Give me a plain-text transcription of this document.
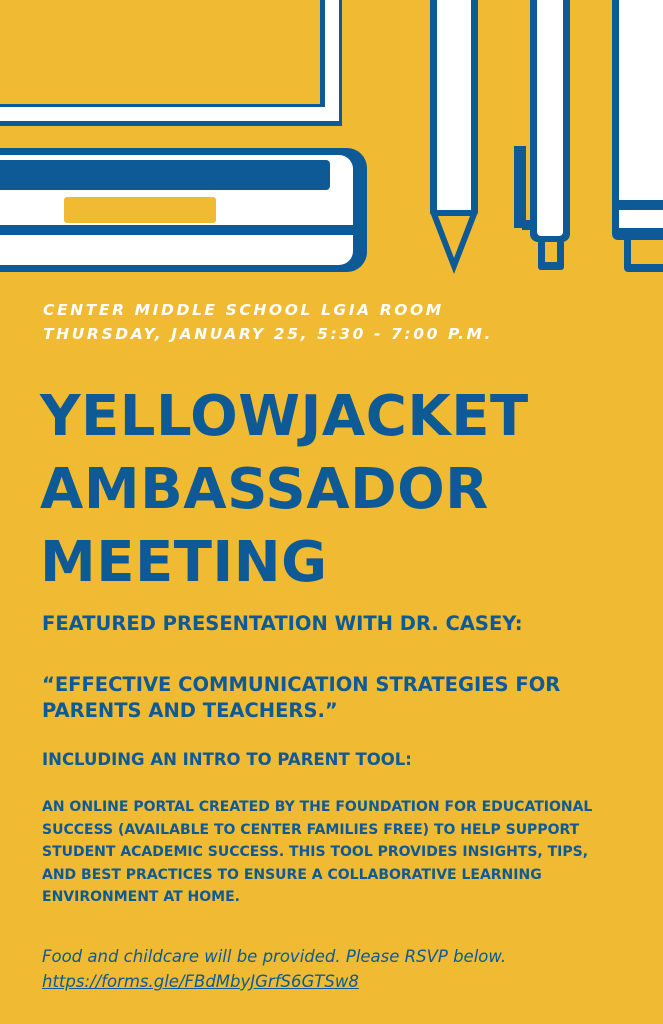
CENTER MIDDLE SCHOOL LGIA ROOM
THURSDAY, JANUARY 25, 5:30 - 7:00 P.M.
YELLOWJACKET
AMBASSADOR
MEETING
FEATURED PRESENTATION WITH DR. CASEY:
“EFFECTIVE COMMUNICATION STRATEGIES FOR PARENTS AND TEACHERS.”
INCLUDING AN INTRO TO PARENT TOOL:
AN ONLINE PORTAL CREATED BY THE FOUNDATION FOR EDUCATIONAL SUCCESS (AVAILABLE TO CENTER FAMILIES FREE) TO HELP SUPPORT STUDENT ACADEMIC SUCCESS. THIS TOOL PROVIDES INSIGHTS, TIPS, AND BEST PRACTICES TO ENSURE A COLLABORATIVE LEARNING ENVIRONMENT AT HOME.
Food and childcare will be provided. Please RSVP below.
https://forms.gle/FBdMbyJGrfS6GTSw8
